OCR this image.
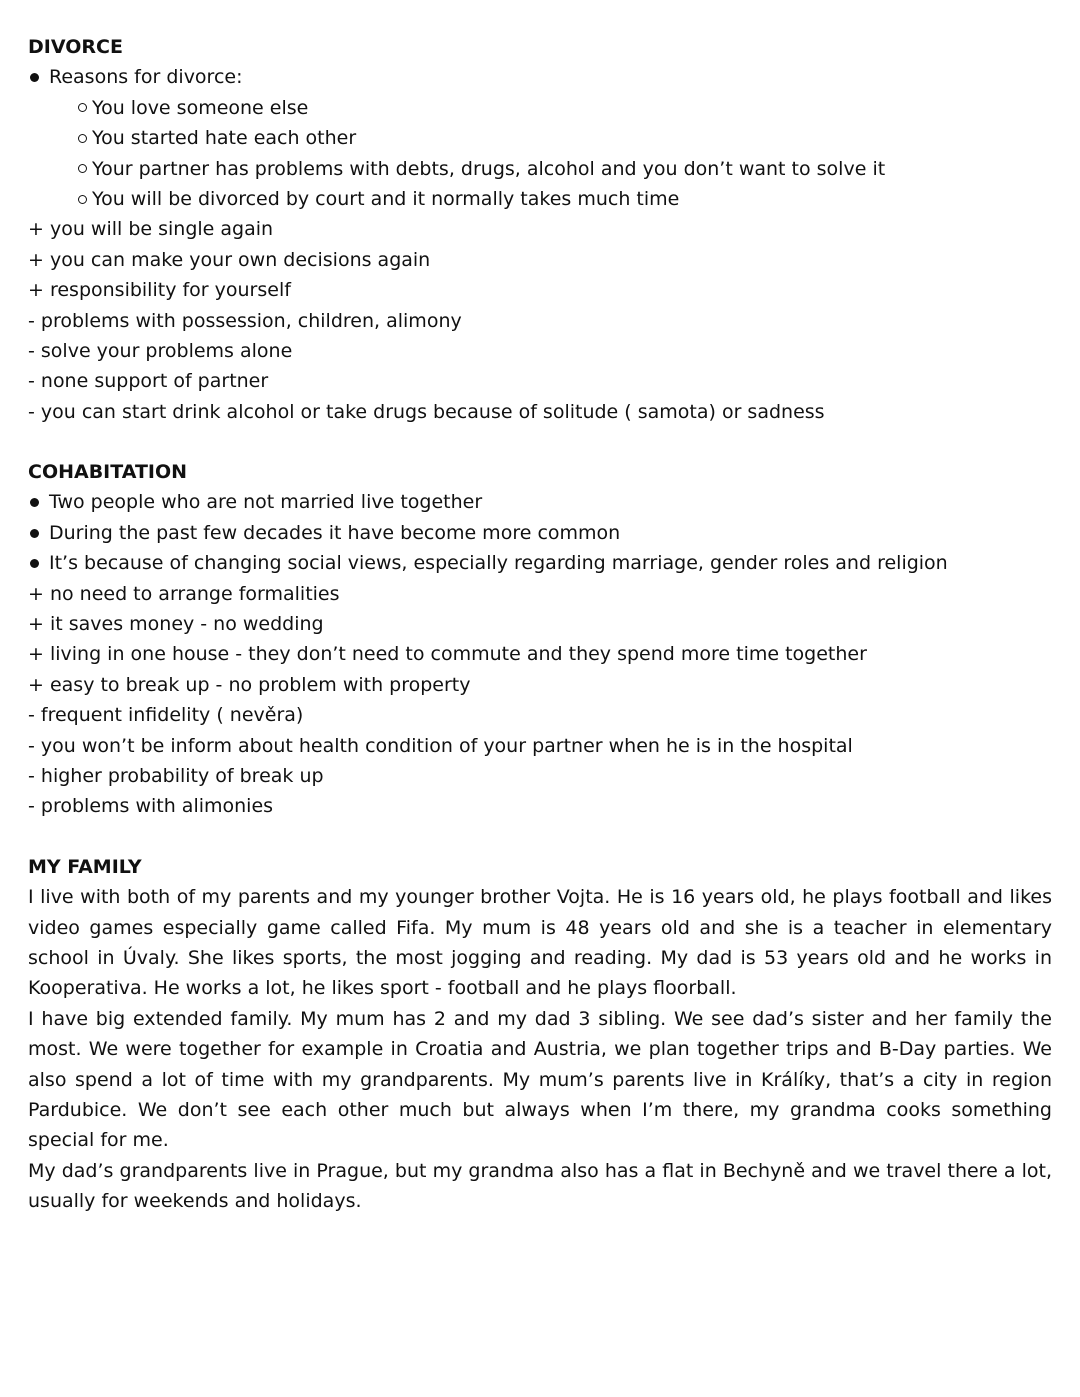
DIVORCE
Reasons for divorce:
You love someone else
You started hate each other
Your partner has problems with debts, drugs, alcohol and you don’t want to solve it
You will be divorced by court and it normally takes much time
+ you will be single again
+ you can make your own decisions again
+ responsibility for yourself
- problems with possession, children, alimony
- solve your problems alone
- none support of partner
- you can start drink alcohol or take drugs because of solitude ( samota) or sadness
COHABITATION
Two people who are not married live together
During the past few decades it have become more common
It’s because of changing social views, especially regarding marriage, gender roles and religion
+ no need to arrange formalities
+ it saves money - no wedding
+ living in one house - they don’t need to commute and they spend more time together
+ easy to break up - no problem with property
- frequent infidelity ( nevěra)
- you won’t be inform about health condition of your partner when he is in the hospital
- higher probability of break up
- problems with alimonies
MY FAMILY

I live with both of my parents and my younger brother Vojta. He is 16 years old, he plays football and likes video games especially game called Fifa. My mum is 48 years old and she is a teacher in elementary school in Úvaly. She likes sports, the most jogging and reading. My dad is 53 years old and he works in Kooperativa. He works a lot, he likes sport - football and he plays floorball.

I have big extended family. My mum has 2 and my dad 3 sibling. We see dad’s sister and her family the most. We were together for example in Croatia and Austria, we plan together trips and B-Day parties. We also spend a lot of time with my grandparents. My mum’s parents live in Králíky, that’s a city in region Pardubice. We don’t see each other much but always when I’m there, my grandma cooks something special for me.

My dad’s grandparents live in Prague, but my grandma also has a flat in Bechyně and we travel there a lot, usually for weekends and holidays.
